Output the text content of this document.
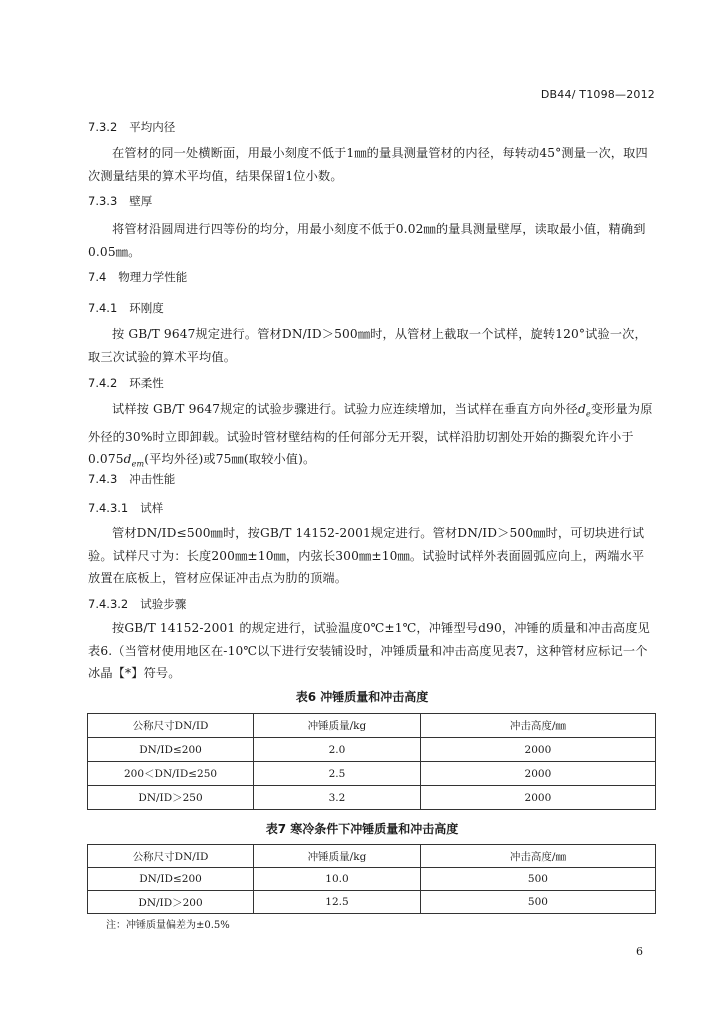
DB44/ T1098—2012
7.3.2 平均内径

在管材的同一处横断面，用最小刻度不低于1㎜的量具测量管材的内径，每转动45°测量一次，取四次测量结果的算术平均值，结果保留1位小数。

7.3.3 壁厚

将管材沿圆周进行四等份的均分，用最小刻度不低于0.02㎜的量具测量壁厚，读取最小值，精确到0.05㎜。

7.4 物理力学性能
7.4.1 环刚度

按 GB/T 9647规定进行。管材DN/ID＞500㎜时，从管材上截取一个试样，旋转120°试验一次，取三次试验的算术平均值。

7.4.2 环柔性

试样按 GB/T 9647规定的试验步骤进行。试验力应连续增加，当试样在垂直方向外径$d_e$变形量为原外径的30%时立即卸载。试验时管材壁结构的任何部分无开裂，试样沿肋切割处开始的撕裂允许小于$0.075d_{em}$(平均外径)或75㎜(取较小值)。

7.4.3 冲击性能
7.4.3.1 试样

管材DN/ID≤500㎜时，按GB/T 14152-2001规定进行。管材DN/ID＞500㎜时，可切块进行试验。试样尺寸为：长度200㎜±10㎜，内弦长300㎜±10㎜。试验时试样外表面圆弧应向上，两端水平放置在底板上，管材应保证冲击点为肋的顶端。

7.4.3.2 试验步骤

按GB/T 14152-2001 的规定进行，试验温度0℃±1℃，冲锤型号d90，冲锤的质量和冲击高度见表6.（当管材使用地区在-10℃以下进行安装铺设时，冲锤质量和冲击高度见表7，这种管材应标记一个冰晶【*】符号。

表6 冲锤质量和冲击高度
公称尺寸DN/ID	冲锤质量/kg	冲击高度/㎜
DN/ID≤200	2.0	2000
200＜DN/ID≤250	2.5	2000
DN/ID＞250	3.2	2000
表7 寒冷条件下冲锤质量和冲击高度
公称尺寸DN/ID	冲锤质量/kg	冲击高度/㎜
DN/ID≤200	10.0	500
DN/ID＞200	12.5	500
注：冲锤质量偏差为±0.5%
6
